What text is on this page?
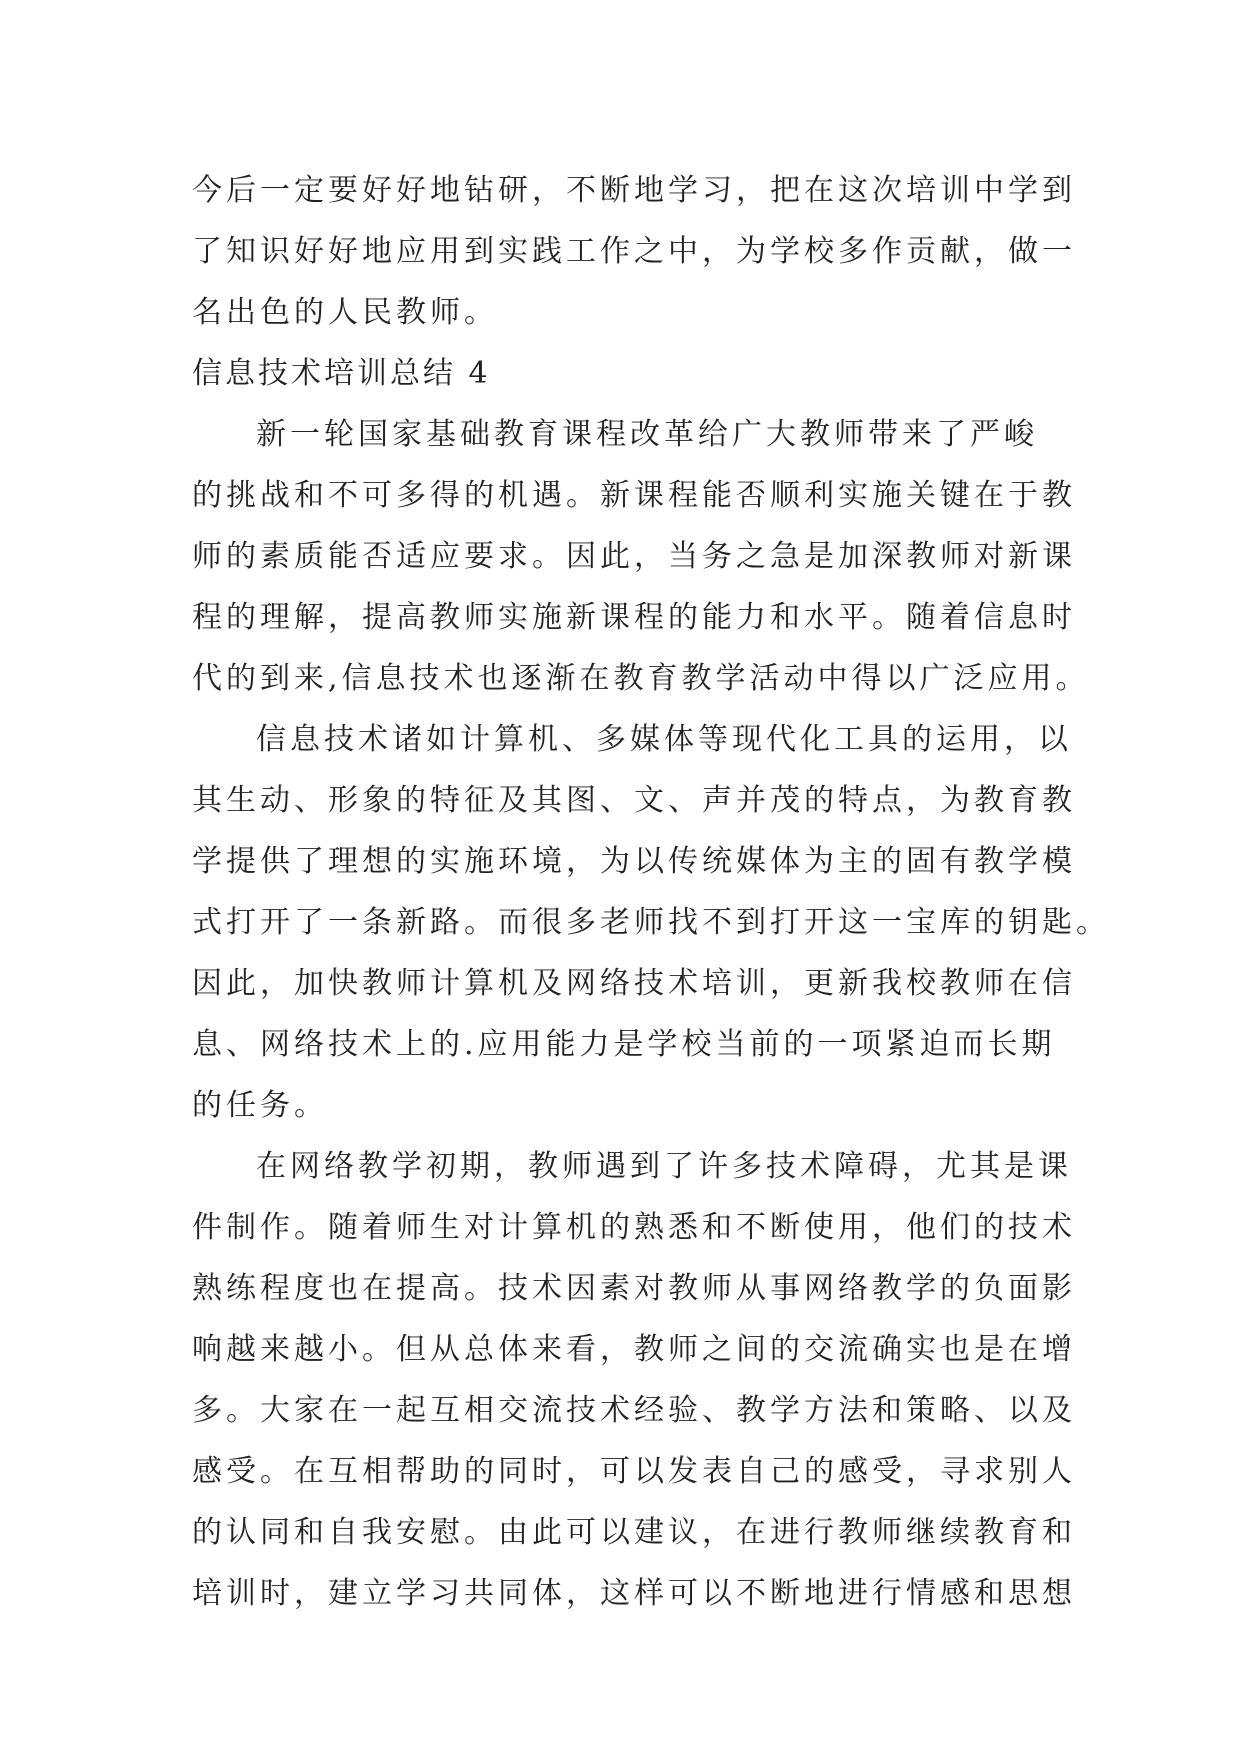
今后一定要好好地钻研，不断地学习，把在这次培训中学到
了知识好好地应用到实践工作之中，为学校多作贡献，做一
名出色的人民教师。
信息技术培训总结 4
新一轮国家基础教育课程改革给广大教师带来了严峻
的挑战和不可多得的机遇。新课程能否顺利实施关键在于教
师的素质能否适应要求。因此，当务之急是加深教师对新课
程的理解，提高教师实施新课程的能力和水平。随着信息时
代的到来,信息技术也逐渐在教育教学活动中得以广泛应用。
信息技术诸如计算机、多媒体等现代化工具的运用，以
其生动、形象的特征及其图、文、声并茂的特点，为教育教
学提供了理想的实施环境，为以传统媒体为主的固有教学模
式打开了一条新路。而很多老师找不到打开这一宝库的钥匙。
因此，加快教师计算机及网络技术培训，更新我校教师在信
息、网络技术上的.应用能力是学校当前的一项紧迫而长期
的任务。
在网络教学初期，教师遇到了许多技术障碍，尤其是课
件制作。随着师生对计算机的熟悉和不断使用，他们的技术
熟练程度也在提高。技术因素对教师从事网络教学的负面影
响越来越小。但从总体来看，教师之间的交流确实也是在增
多。大家在一起互相交流技术经验、教学方法和策略、以及
感受。在互相帮助的同时，可以发表自己的感受，寻求别人
的认同和自我安慰。由此可以建议，在进行教师继续教育和
培训时，建立学习共同体，这样可以不断地进行情感和思想
